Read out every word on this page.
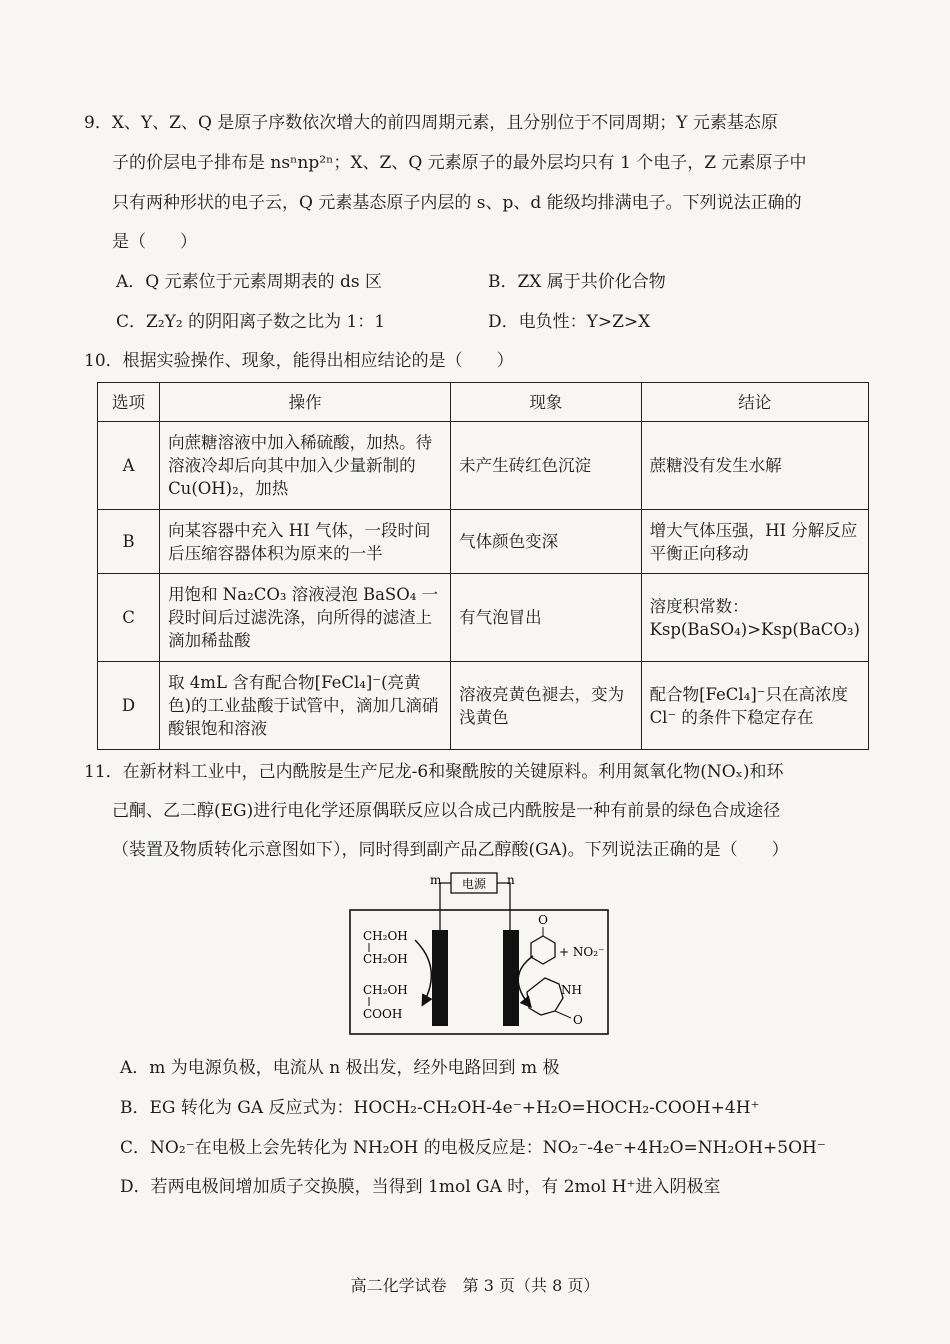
9．X、Y、Z、Q 是原子序数依次增大的前四周期元素，且分别位于不同周期；Y 元素基态原
子的价层电子排布是 nsⁿnp²ⁿ；X、Z、Q 元素原子的最外层均只有 1 个电子，Z 元素原子中
只有两种形状的电子云，Q 元素基态原子内层的 s、p、d 能级均排满电子。下列说法正确的
是（　　）
A．Q 元素位于元素周期表的 ds 区	B．ZX 属于共价化合物
C．Z₂Y₂ 的阴阳离子数之比为 1：1	D．电负性：Y>Z>X
10．根据实验操作、现象，能得出相应结论的是（　　）
选项	操作	现象	结论
A	向蔗糖溶液中加入稀硫酸，加热。待溶液冷却后向其中加入少量新制的 Cu(OH)₂，加热	未产生砖红色沉淀	蔗糖没有发生水解
B	向某容器中充入 HI 气体，一段时间后压缩容器体积为原来的一半	气体颜色变深	增大气体压强，HI 分解反应平衡正向移动
C	用饱和 Na₂CO₃ 溶液浸泡 BaSO₄ 一段时间后过滤洗涤，向所得的滤渣上滴加稀盐酸	有气泡冒出	溶度积常数：Ksp(BaSO₄)>Ksp(BaCO₃)
D	取 4mL 含有配合物[FeCl₄]⁻(亮黄色)的工业盐酸于试管中，滴加几滴硝酸银饱和溶液	溶液亮黄色褪去，变为浅黄色	配合物[FeCl₄]⁻只在高浓度 Cl⁻ 的条件下稳定存在
11．在新材料工业中，己内酰胺是生产尼龙-6和聚酰胺的关键原料。利用氮氧化物(NOₓ)和环
己酮、乙二醇(EG)进行电化学还原偶联反应以合成己内酰胺是一种有前景的绿色合成途径
（装置及物质转化示意图如下），同时得到副产品乙醇酸(GA)。下列说法正确的是（　　）
m	n
电源
CH₂OH
CH₂OH
CH₂OH
COOH
O
+ NO₂⁻
NH
O
A．m 为电源负极，电流从 n 极出发，经外电路回到 m 极
B．EG 转化为 GA 反应式为：HOCH₂-CH₂OH-4e⁻+H₂O=HOCH₂-COOH+4H⁺
C．NO₂⁻在电极上会先转化为 NH₂OH 的电极反应是：NO₂⁻-4e⁻+4H₂O=NH₂OH+5OH⁻
D．若两电极间增加质子交换膜，当得到 1mol GA 时，有 2mol H⁺进入阴极室
高二化学试卷　第 3 页（共 8 页）
